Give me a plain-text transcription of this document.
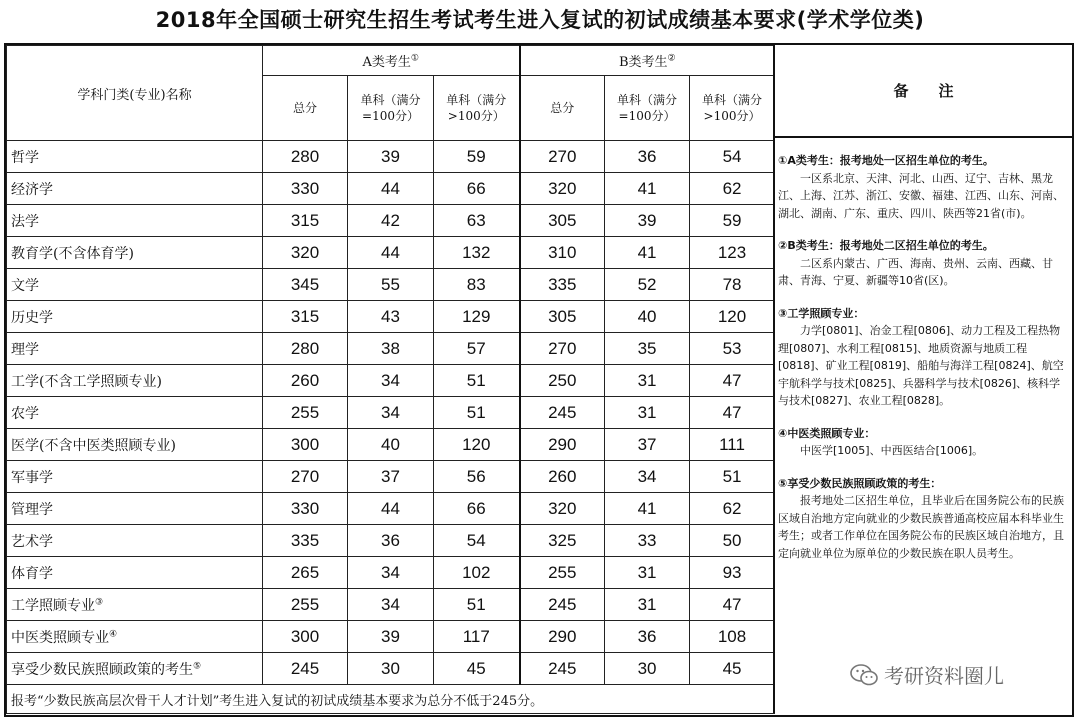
2018年全国硕士研究生招生考试考生进入复试的初试成绩基本要求(学术学位类)
学科门类(专业)名称	A类考生①			B类考生②
	总分	单科（满分=100分）	单科（满分>100分）	总分	单科（满分=100分）	单科（满分>100分）
哲学	280	39	59	270	36	54
经济学	330	44	66	320	41	62
法学	315	42	63	305	39	59
教育学(不含体育学)	320	44	132	310	41	123
文学	345	55	83	335	52	78
历史学	315	43	129	305	40	120
理学	280	38	57	270	35	53
工学(不含工学照顾专业)	260	34	51	250	31	47
农学	255	34	51	245	31	47
医学(不含中医类照顾专业)	300	40	120	290	37	111
军事学	270	37	56	260	34	51
管理学	330	44	66	320	41	62
艺术学	335	36	54	325	33	50
体育学	265	34	102	255	31	93
工学照顾专业③	255	34	51	245	31	47
中医类照顾专业④	300	39	117	290	36	108
享受少数民族照顾政策的考生⑤	245	30	45	245	30	45
报考“少数民族高层次骨干人才计划”考生进入复试的初试成绩基本要求为总分不低于245分。						
备注
①A类考生：报考地处一区招生单位的考生。
一区系北京、天津、河北、山西、辽宁、吉林、黑龙江、上海、江苏、浙江、安徽、福建、江西、山东、河南、湖北、湖南、广东、重庆、四川、陕西等21省(市)。
②B类考生：报考地处二区招生单位的考生。
二区系内蒙古、广西、海南、贵州、云南、西藏、甘肃、青海、宁夏、新疆等10省(区)。
③工学照顾专业：
力学[0801]、冶金工程[0806]、动力工程及工程热物理[0807]、水利工程[0815]、地质资源与地质工程[0818]、矿业工程[0819]、船舶与海洋工程[0824]、航空宇航科学与技术[0825]、兵器科学与技术[0826]、核科学与技术[0827]、农业工程[0828]。
④中医类照顾专业：
中医学[1005]、中西医结合[1006]。
⑤享受少数民族照顾政策的考生：
报考地处二区招生单位，且毕业后在国务院公布的民族区域自治地方定向就业的少数民族普通高校应届本科毕业生考生；或者工作单位在国务院公布的民族区域自治地方，且定向就业单位为原单位的少数民族在职人员考生。
考研资料圈儿
